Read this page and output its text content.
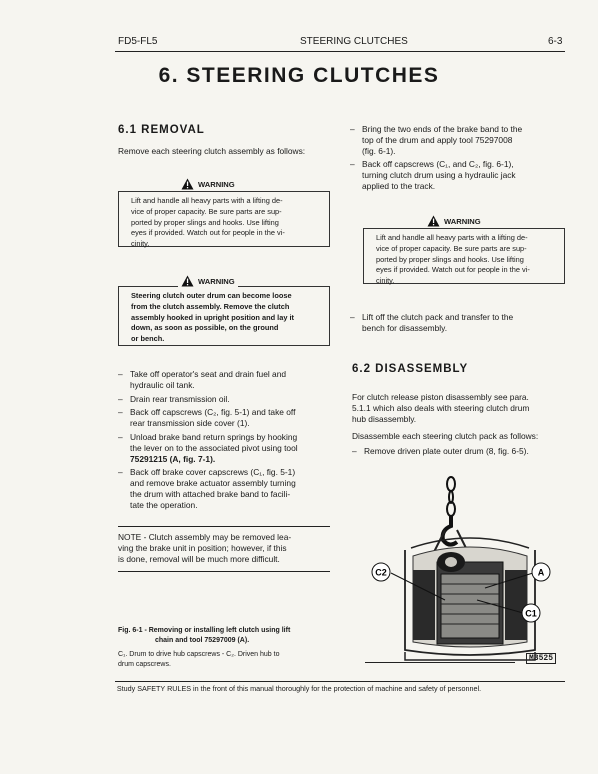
FD5-FL5	STEERING CLUTCHES	6-3
6. STEERING CLUTCHES
6.1 REMOVAL
Remove each steering clutch assembly as follows:
Lift and handle all heavy parts with a lifting de-
vice of proper capacity. Be sure parts are sup-
ported by proper slings and hooks. Use lifting
eyes if provided. Watch out for people in the vi-
cinity.
WARNING
Steering clutch outer drum can become loose
from the clutch assembly. Remove the clutch
assembly hooked in upright position and lay it
down, as soon as possible, on the ground
or bench.
WARNING
– Take off operator's seat and drain fuel and
hydraulic oil tank.
– Drain rear transmission oil.
– Back off capscrews (C₂, fig. 5-1) and take off
rear transmission side cover (1).
– Unload brake band return springs by hooking
the lever on to the associated pivot using tool
75291215 (A, fig. 7-1).
– Back off brake cover capscrews (C₁, fig. 5-1)
and remove brake actuator assembly turning
the drum with attached brake band to facili-
tate the operation.
NOTE - Clutch assembly may be removed lea-
ving the brake unit in position; however, if this
is done, removal will be much more difficult.
Fig. 6-1 - Removing or installing left clutch using lift
chain and tool 75297009 (A).
C₁. Drum to drive hub capscrews - C₂. Driven hub to
drum capscrews.
– Bring the two ends of the brake band to the
top of the drum and apply tool 75297008
(fig. 6-1).
– Back off capscrews (C₁, and C₂, fig. 6-1),
turning clutch drum using a hydraulic jack
applied to the track.
Lift and handle all heavy parts with a lifting de-
vice of proper capacity. Be sure parts are sup-
ported by proper slings and hooks. Use lifting
eyes if provided. Watch out for people in the vi-
cinity.
WARNING
– Lift off the clutch pack and transfer to the
bench for disassembly.
6.2 DISASSEMBLY
For clutch release piston disassembly see para.
5.1.1 which also deals with steering clutch drum
hub disassembly.
Disassemble each steering clutch pack as follows:
– Remove driven plate outer drum (8, fig. 6-5).
C2	A
C1
M3525
Study SAFETY RULES in the front of this manual thoroughly for the protection of machine and safety of personnel.
